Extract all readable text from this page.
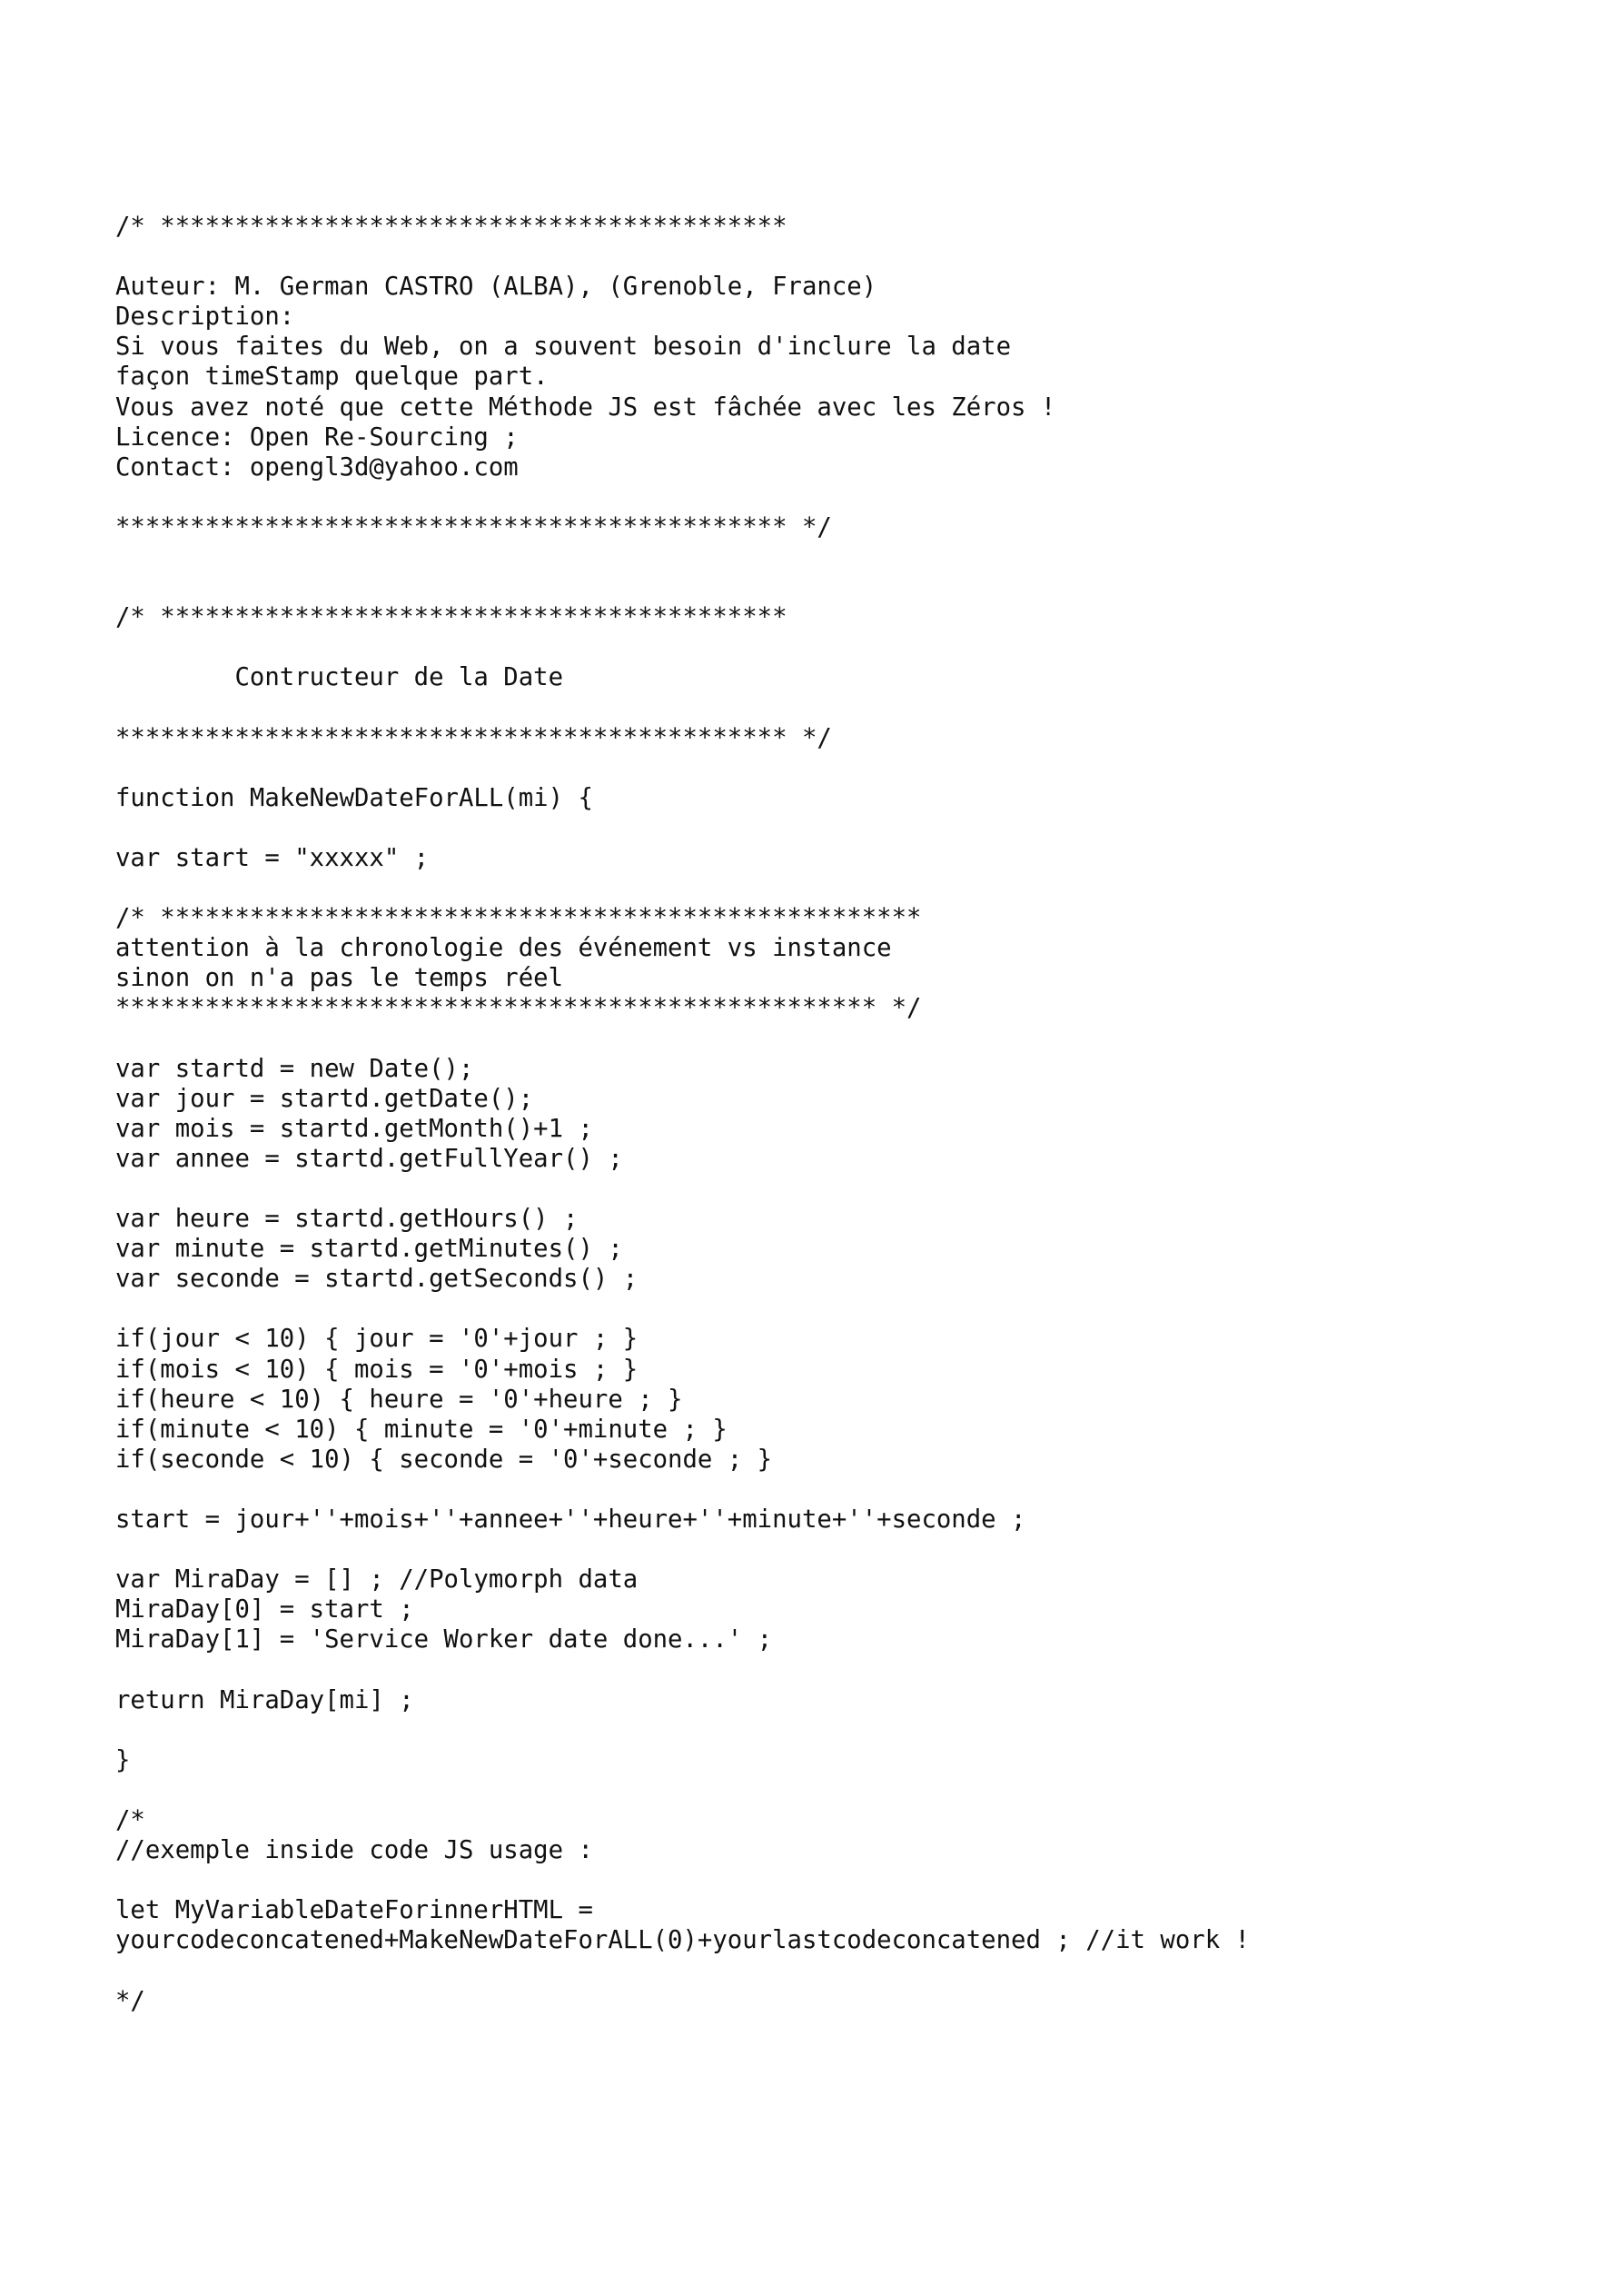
/* ******************************************
Auteur: M. German CASTRO (ALBA), (Grenoble, France)
Description:
Si vous faites du Web, on a souvent besoin d'inclure la date
façon timeStamp quelque part.
Vous avez noté que cette Méthode JS est fâchée avec les Zéros !
Licence: Open Re-Sourcing ;
Contact: opengl3d@yahoo.com
********************************************* */
/* ******************************************
Contructeur de la Date
********************************************* */
function MakeNewDateForALL(mi) {
var start = "xxxxx" ;
/* ***************************************************
attention à la chronologie des événement vs instance
sinon on n'a pas le temps réel
*************************************************** */
var startd = new Date();
var jour = startd.getDate();
var mois = startd.getMonth()+1 ;
var annee = startd.getFullYear() ;
var heure = startd.getHours() ;
var minute = startd.getMinutes() ;
var seconde = startd.getSeconds() ;
if(jour < 10) { jour = '0'+jour ; }
if(mois < 10) { mois = '0'+mois ; }
if(heure < 10) { heure = '0'+heure ; }
if(minute < 10) { minute = '0'+minute ; }
if(seconde < 10) { seconde = '0'+seconde ; }
start = jour+''+mois+''+annee+''+heure+''+minute+''+seconde ;
var MiraDay = [] ; //Polymorph data
MiraDay[0] = start ;
MiraDay[1] = 'Service Worker date done...' ;
return MiraDay[mi] ;
}
/*
//exemple inside code JS usage :
let MyVariableDateForinnerHTML =
yourcodeconcatened+MakeNewDateForALL(0)+yourlastcodeconcatened ; //it work !
*/
